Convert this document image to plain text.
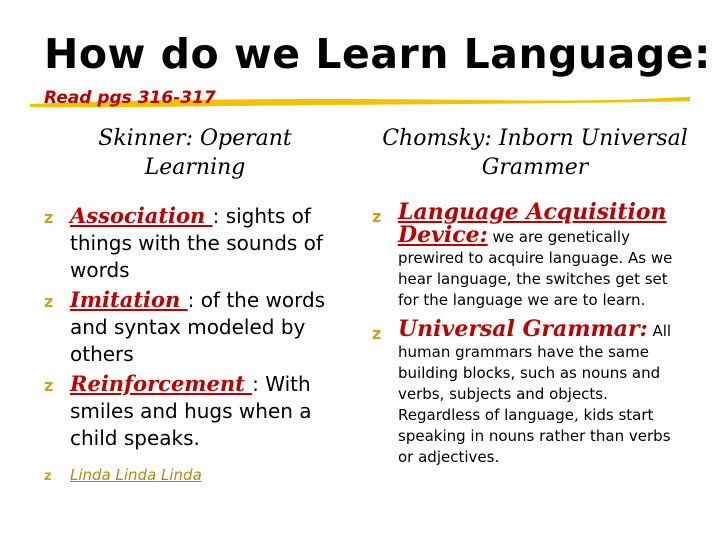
How do we Learn Language:
Read pgs 316-317
Skinner: Operant Learning
Chomsky: Inborn Universal Grammer
z Association : sights of things with the sounds of words
z Imitation : of the words and syntax modeled by others
z Reinforcement : With smiles and hugs when a child speaks.
z Linda Linda Linda
z Language Acquisition Device: we are genetically prewired to acquire language. As we hear language, the switches get set for the language we are to learn.
z Universal Grammar: All human grammars have the same building blocks, such as nouns and verbs, subjects and objects. Regardless of language, kids start speaking in nouns rather than verbs or adjectives.
